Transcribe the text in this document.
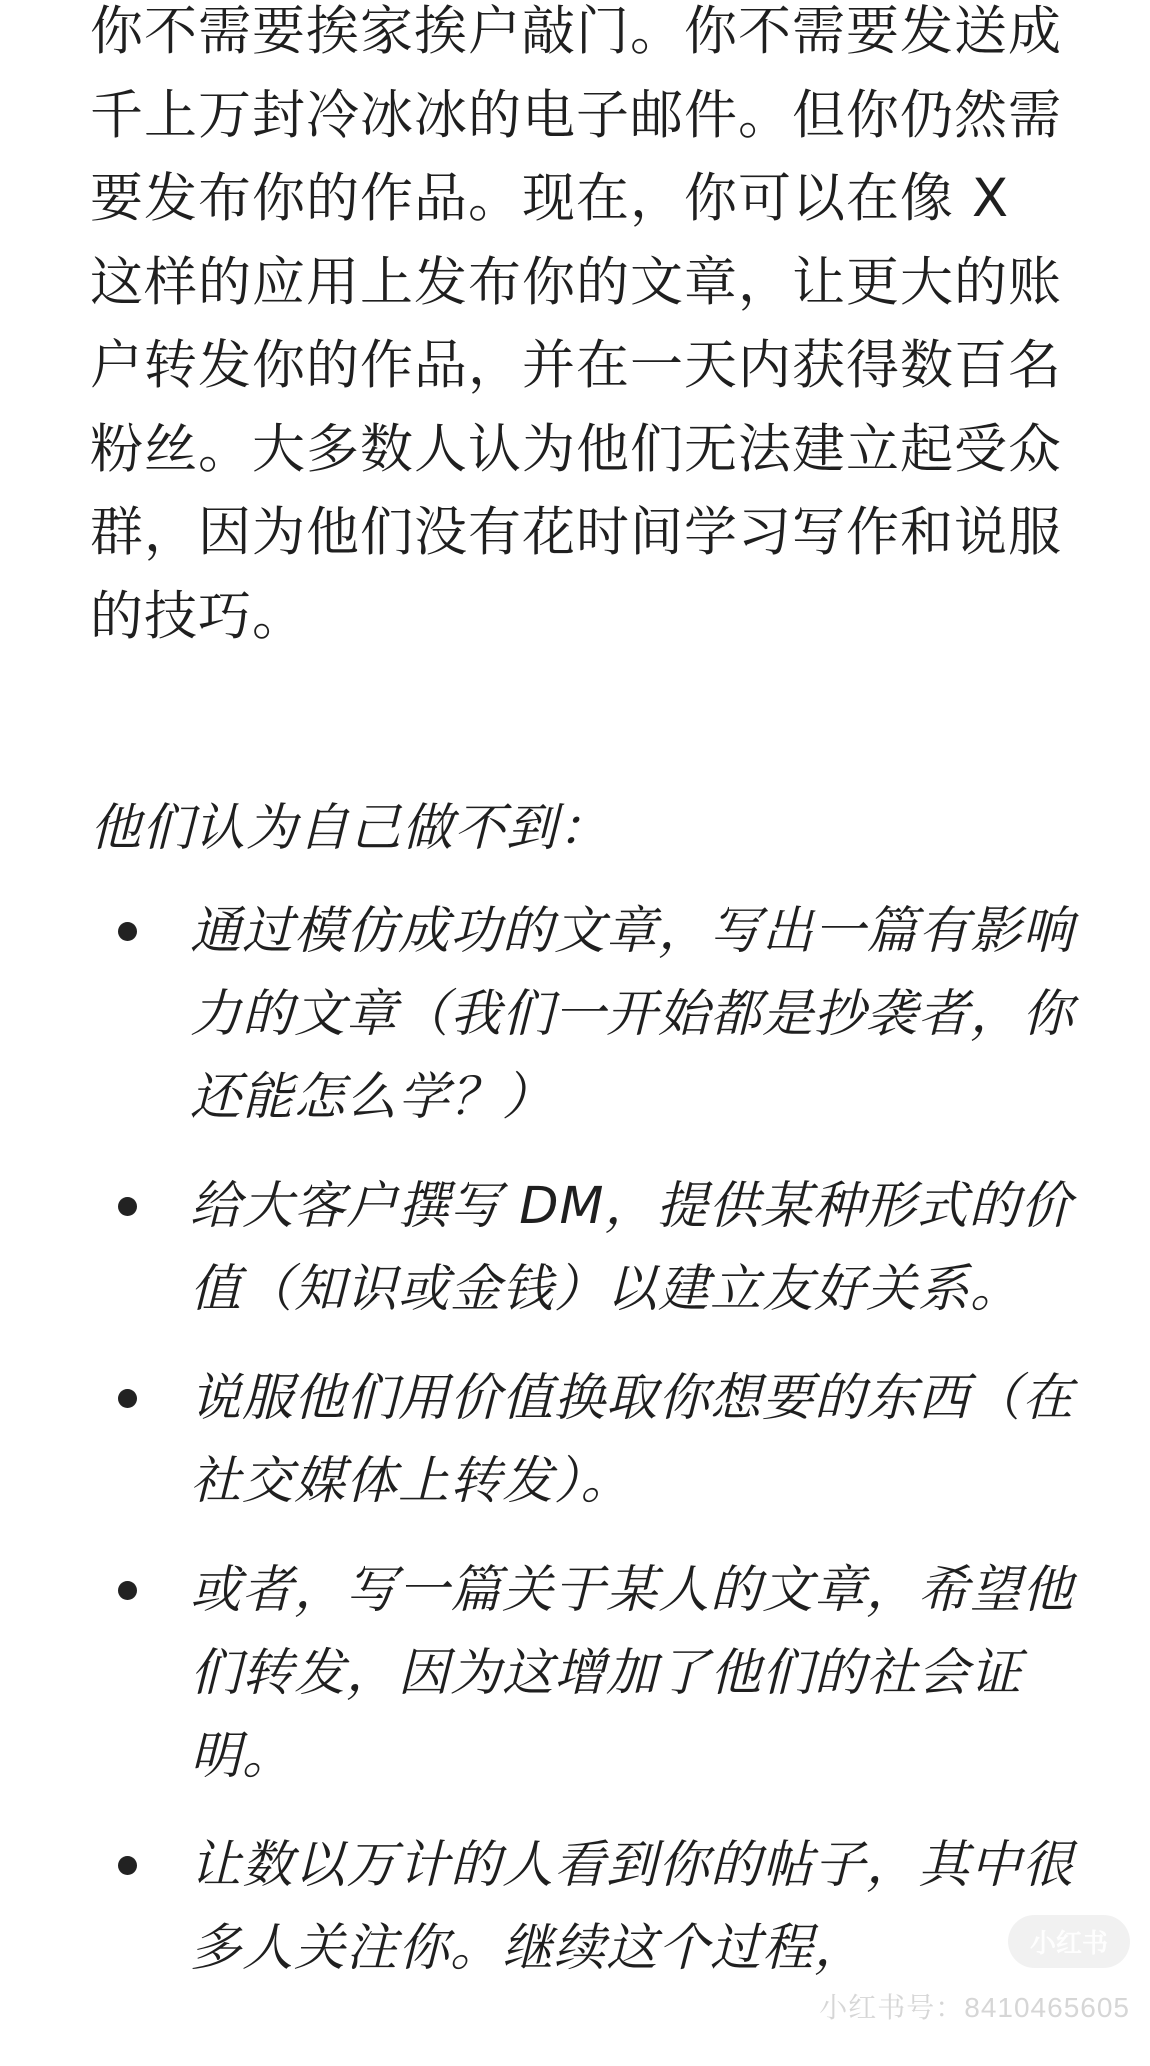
你不需要挨家挨户敲门。你不需要发送成千上万封冷冰冰的电子邮件。但你仍然需要发布你的作品。现在，你可以在像 X 这样的应用上发布你的文章，让更大的账户转发你的作品，并在一天内获得数百名粉丝。大多数人认为他们无法建立起受众群，因为他们没有花时间学习写作和说服的技巧。

他们认为自己做不到：

通过模仿成功的文章，写出一篇有影响力的文章（我们一开始都是抄袭者，你还能怎么学？）
给大客户撰写 DM，提供某种形式的价值（知识或金钱）以建立友好关系。
说服他们用价值换取你想要的东西（在社交媒体上转发）。
或者，写一篇关于某人的文章，希望他们转发，因为这增加了他们的社会证明。
让数以万计的人看到你的帖子，其中很多人关注你。继续这个过程，	小红书
小红书号：8410465605
